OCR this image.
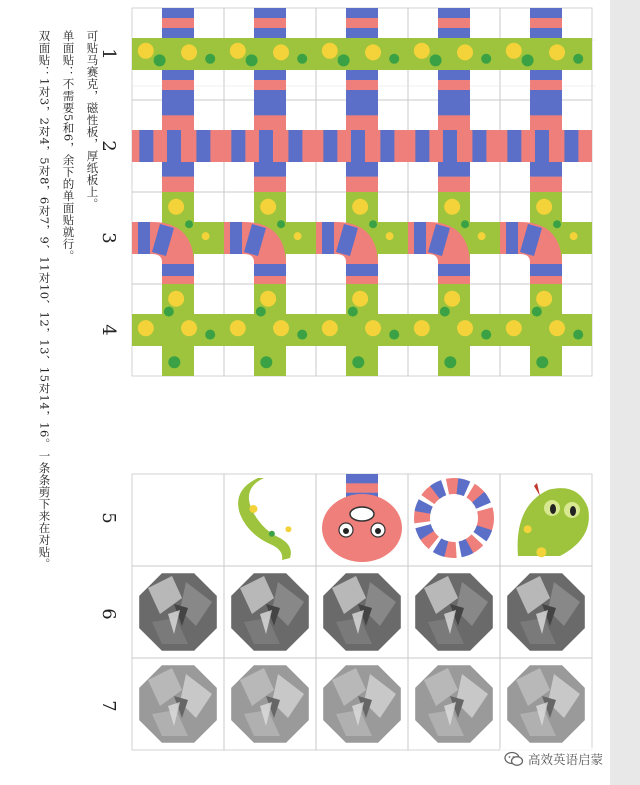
可贴马赛克，磁性板，厚纸板上。
单面贴：不需要5和6，余下的单面贴就行。
双面贴：1对3，2对4，5对8，6对7，9、11对10、12，13、15对14，16。一条条剪下来在对贴。	1
2
3
4
5
6
7
高效英语启蒙
